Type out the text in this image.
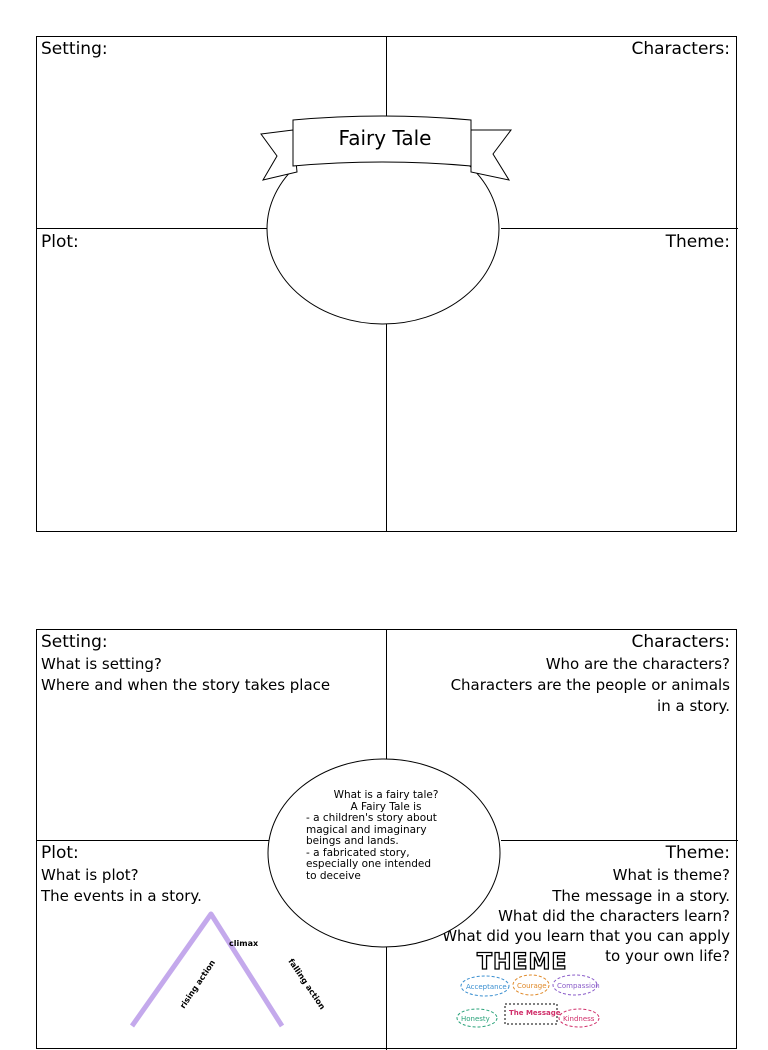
Setting:	Characters:
Plot:	Theme:
Fairy Tale
Setting:
What is setting?
Where and when the story takes place
Characters:
Who are the characters?
Characters are the people or animals
in a story.
Plot:
What is plot?
The events in a story.
climax
rising action	falling action
Theme:
What is theme?
The message in a story.
What did the characters learn?
What did you learn that you can apply
to your own life?
What is a fairy tale?
A Fairy Tale is
- a children's story about
magical and imaginary
beings and lands.
- a fabricated story,
especially one intended
to deceive
THEME
Acceptance Courage Compassion
The Message
Honesty	Kindness
